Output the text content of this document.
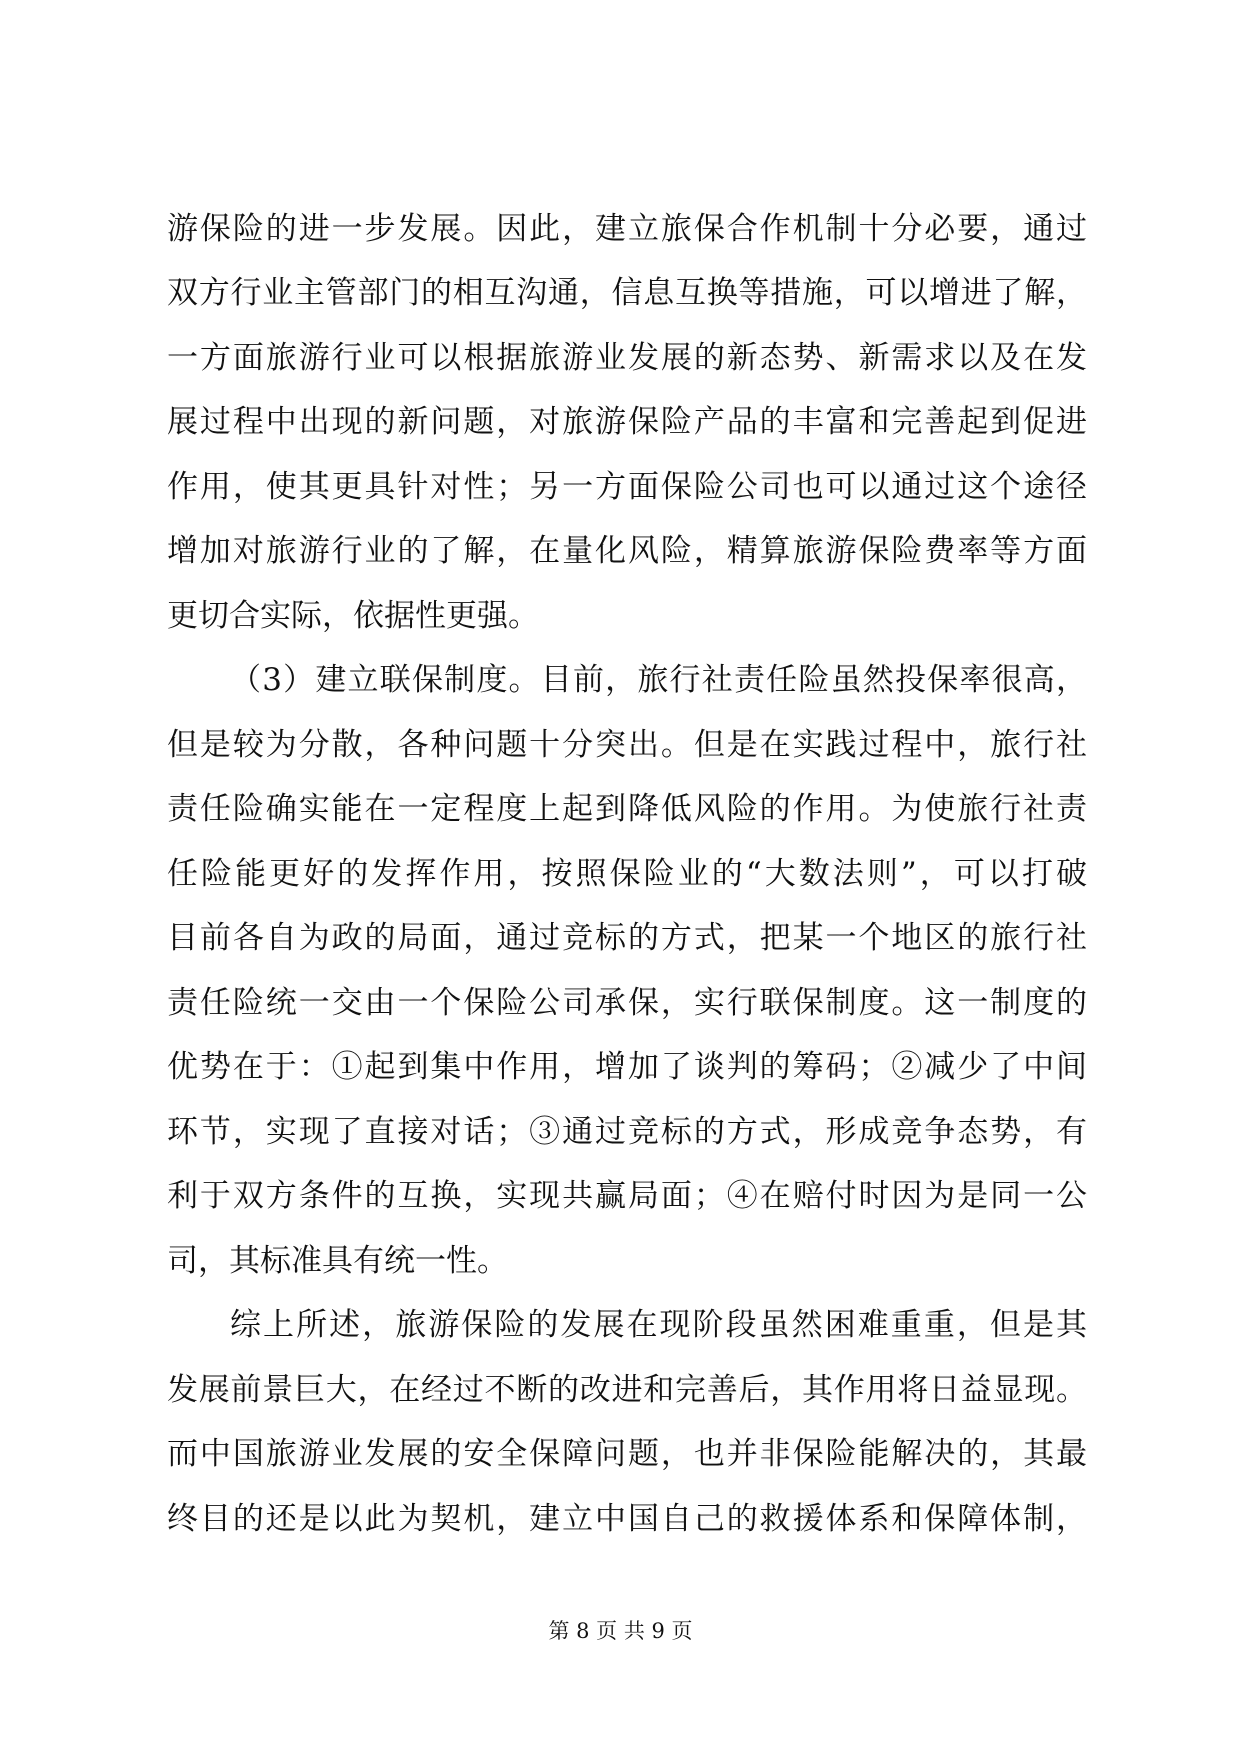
游保险的进一步发展。因此，建立旅保合作机制十分必要，通过
双方行业主管部门的相互沟通，信息互换等措施，可以增进了解，
一方面旅游行业可以根据旅游业发展的新态势、新需求以及在发
展过程中出现的新问题，对旅游保险产品的丰富和完善起到促进
作用，使其更具针对性；另一方面保险公司也可以通过这个途径
增加对旅游行业的了解，在量化风险，精算旅游保险费率等方面
更切合实际，依据性更强。
（3）建立联保制度。目前，旅行社责任险虽然投保率很高，
但是较为分散，各种问题十分突出。但是在实践过程中，旅行社
责任险确实能在一定程度上起到降低风险的作用。为使旅行社责
任险能更好的发挥作用，按照保险业的“大数法则”，可以打破
目前各自为政的局面，通过竞标的方式，把某一个地区的旅行社
责任险统一交由一个保险公司承保，实行联保制度。这一制度的
优势在于：①起到集中作用，增加了谈判的筹码；②减少了中间
环节，实现了直接对话；③通过竞标的方式，形成竞争态势，有
利于双方条件的互换，实现共赢局面；④在赔付时因为是同一公
司，其标准具有统一性。
综上所述，旅游保险的发展在现阶段虽然困难重重，但是其
发展前景巨大，在经过不断的改进和完善后，其作用将日益显现。
而中国旅游业发展的安全保障问题，也并非保险能解决的，其最
终目的还是以此为契机，建立中国自己的救援体系和保障体制，
第 8 页 共 9 页
